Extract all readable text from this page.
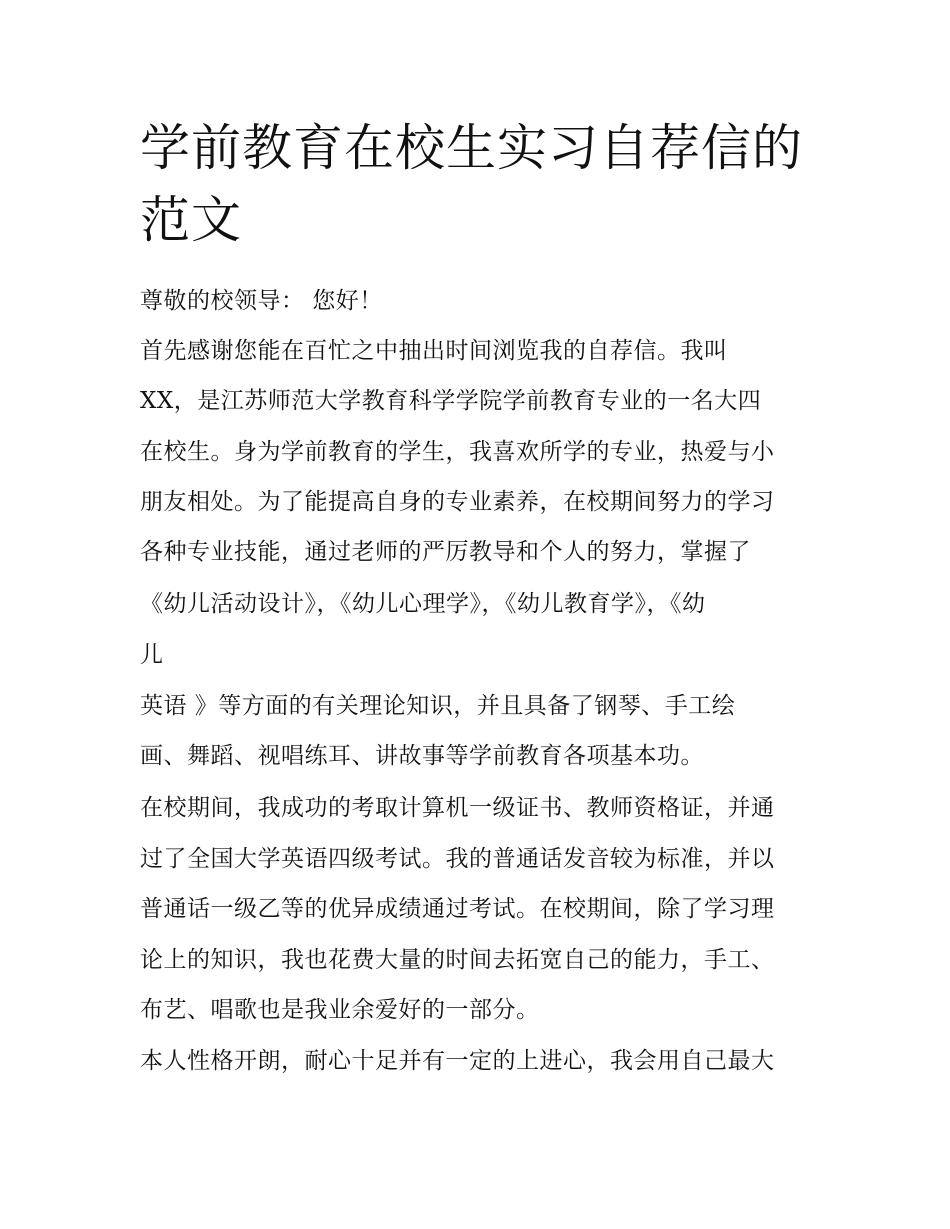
学前教育在校生实习自荐信的
范文

尊敬的校领导： 您好！

首先感谢您能在百忙之中抽出时间浏览我的自荐信。我叫

XX，是江苏师范大学教育科学学院学前教育专业的一名大四

在校生。身为学前教育的学生，我喜欢所学的专业，热爱与小

朋友相处。为了能提高自身的专业素养，在校期间努力的学习

各种专业技能，通过老师的严厉教导和个人的努力，掌握了

《幼儿活动设计》，《幼儿心理学》，《幼儿教育学》，《幼

儿

英语 》等方面的有关理论知识，并且具备了钢琴、手工绘

画、舞蹈、视唱练耳、讲故事等学前教育各项基本功。

在校期间，我成功的考取计算机一级证书、教师资格证，并通

过了全国大学英语四级考试。我的普通话发音较为标准，并以

普通话一级乙等的优异成绩通过考试。在校期间，除了学习理

论上的知识，我也花费大量的时间去拓宽自己的能力，手工、

布艺、唱歌也是我业余爱好的一部分。

本人性格开朗，耐心十足并有一定的上进心，我会用自己最大
